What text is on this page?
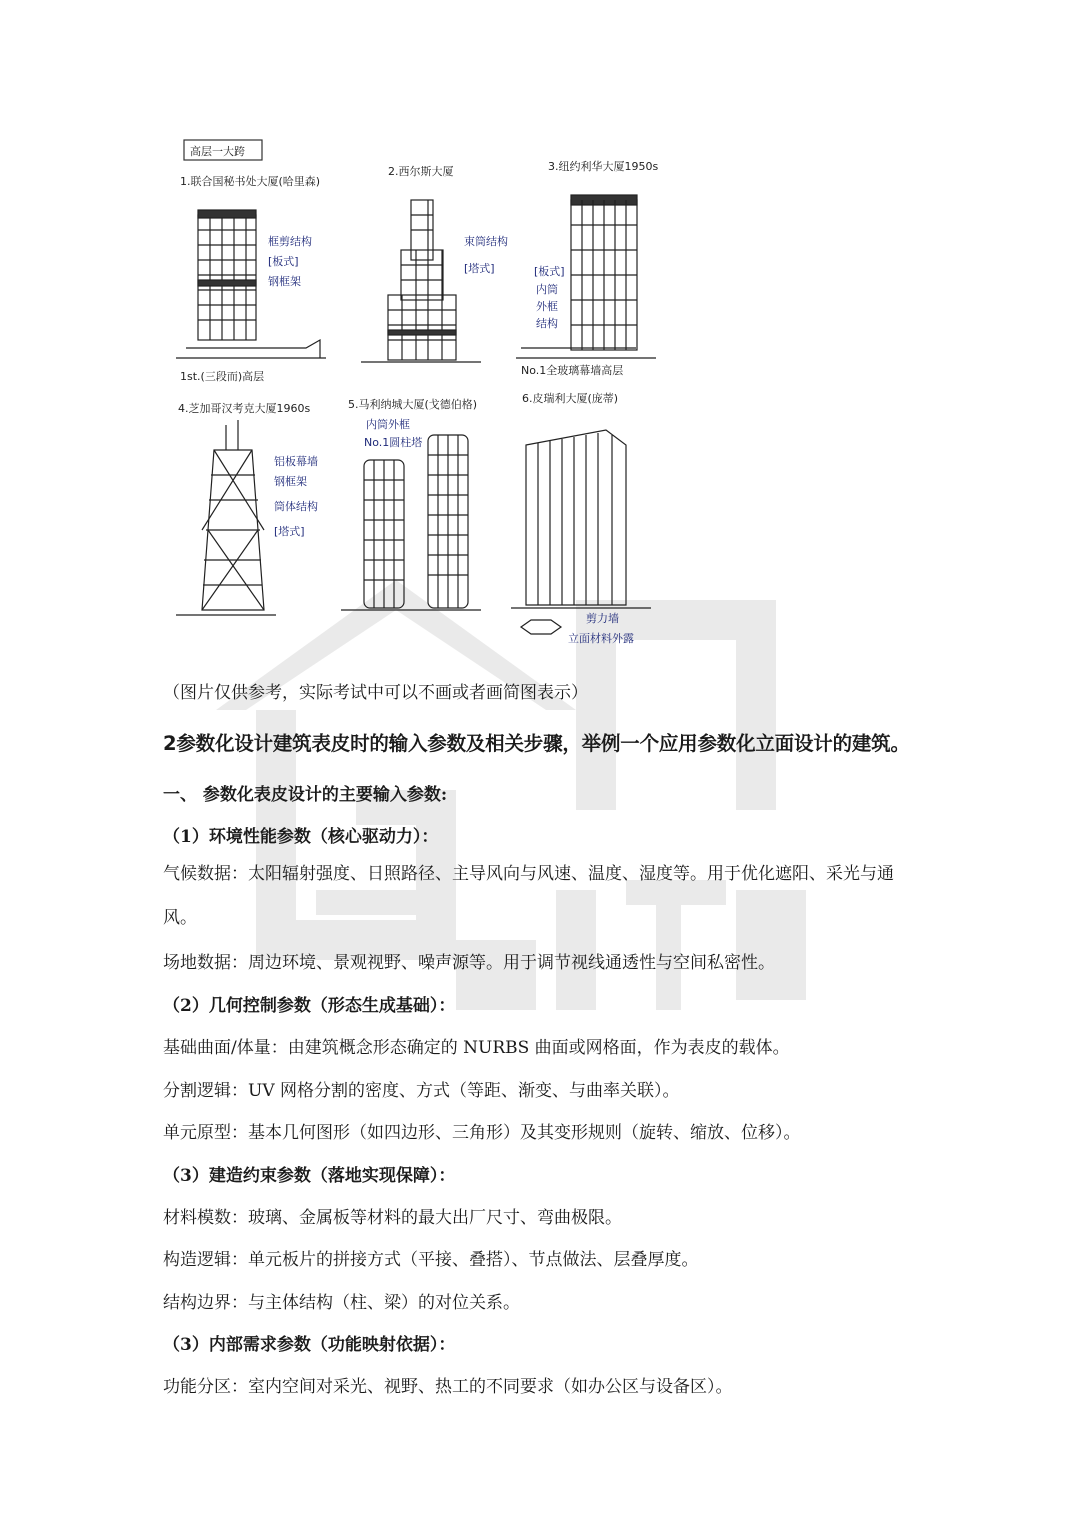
高层一大跨
1.联合国秘书处大厦(哈里森)
框剪结构
[板式]
钢框架
1st.(三段而)高层
2.西尔斯大厦
束筒结构
[塔式]
3.纽约利华大厦1950s
[板式]
内筒
外框
结构
No.1全玻璃幕墙高层
4.芝加哥汉考克大厦1960s
铝板幕墙
钢框架
筒体结构
[塔式]
5.马利纳城大厦(戈德伯格)
内筒外框
No.1圆柱塔
6.皮瑞利大厦(庞蒂)
剪力墙
立面材料外露
（图片仅供参考，实际考试中可以不画或者画简图表示）
2参数化设计建筑表皮时的输入参数及相关步骤，举例一个应用参数化立面设计的建筑。
一、 参数化表皮设计的主要输入参数:
（1）环境性能参数（核心驱动力）：
气候数据：太阳辐射强度、日照路径、主导风向与风速、温度、湿度等。用于优化遮阳、采光与通风。
场地数据：周边环境、景观视野、噪声源等。用于调节视线通透性与空间私密性。
（2）几何控制参数（形态生成基础）：
基础曲面/体量：由建筑概念形态确定的 NURBS 曲面或网格面，作为表皮的载体。
分割逻辑：UV 网格分割的密度、方式（等距、渐变、与曲率关联）。
单元原型：基本几何图形（如四边形、三角形）及其变形规则（旋转、缩放、位移）。
（3）建造约束参数（落地实现保障）：
材料模数：玻璃、金属板等材料的最大出厂尺寸、弯曲极限。
构造逻辑：单元板片的拼接方式（平接、叠搭）、节点做法、层叠厚度。
结构边界：与主体结构（柱、梁）的对位关系。
（3）内部需求参数（功能映射依据）：
功能分区：室内空间对采光、视野、热工的不同要求（如办公区与设备区）。
